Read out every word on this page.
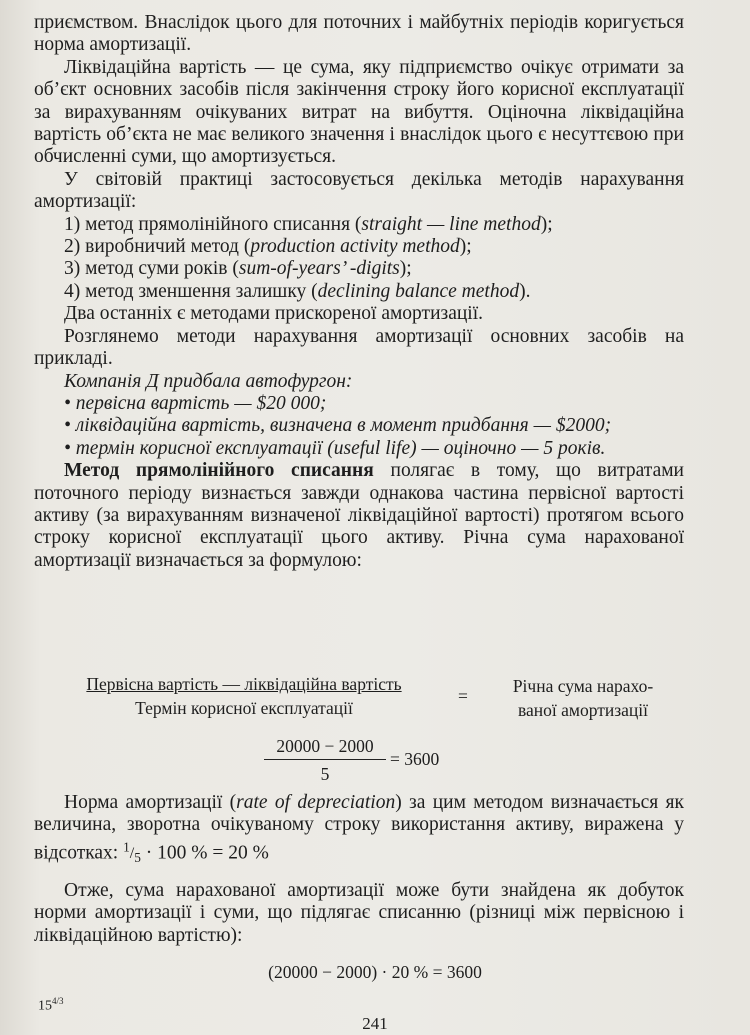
приємством. Внаслідок цього для поточних і майбутніх періодів коригується норма амортизації.

Ліквідаційна вартість — це сума, яку підприємство очікує отримати за об’єкт основних засобів після закінчення строку його корисної експлуатації за вирахуванням очікуваних витрат на вибуття. Оціночна ліквідаційна вартість об’єкта не має великого значення і внаслідок цього є несуттєвою при обчисленні суми, що амортизується.

У світовій практиці застосовується декілька методів нарахування амортизації:

1) метод прямолінійного списання (straight — line method);
2) виробничий метод (production activity method);
3) метод суми років (sum-of-years’ -digits);
4) метод зменшення залишку (declining balance method).

Два останніх є методами прискореної амортизації.

Розглянемо методи нарахування амортизації основних засобів на прикладі.

Компанія Д придбала автофургон:

• первісна вартість — $20 000;

• ліквідаційна вартість, визначена в момент придбання — $2000;

• термін корисної експлуатації (useful life) — оціночно — 5 років.

Метод прямолінійного списання полягає в тому, що витратами поточного періоду визнається завжди однакова частина первісної вартості активу (за вирахуванням визначеної ліквідаційної вартості) протягом всього строку корисної експлуатації цього активу. Річна сума нарахованої амортизації визначається за формулою:

Первісна вартість — ліквідаційна вартість
Термін корисної експлуатації
=	Річна сума нарахо-
ваної амортизації
20000 − 2000
5
= 3600

Норма амортизації (rate of depreciation) за цим методом визначається як величина, зворотна очікуваному строку використання активу, виражена у відсотках: $^1/_5 \cdot 100$ % = 20 %

Отже, сума нарахованої амортизації може бути знайдена як добуток норми амортизації і суми, що підлягає списанню (різниці між первісною і ліквідаційною вартістю):

(20000 − 2000) · 20 % = 3600
$15^{4/3}$
241
